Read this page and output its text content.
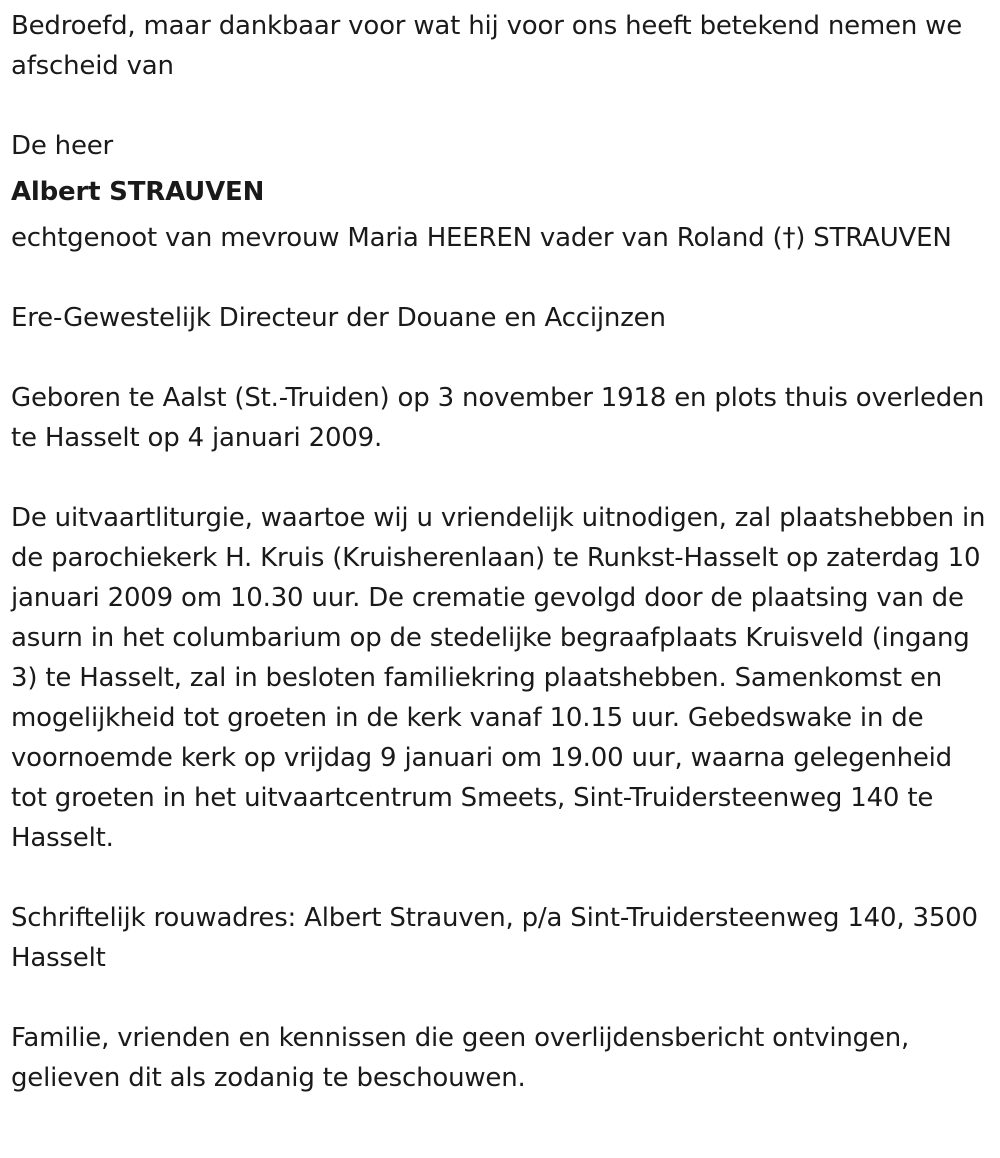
Bedroefd, maar dankbaar voor wat hij voor ons heeft betekend nemen we afscheid van

De heer

Albert STRAUVEN

echtgenoot van mevrouw Maria HEEREN vader van Roland (†) STRAUVEN

Ere-Gewestelijk Directeur der Douane en Accijnzen

Geboren te Aalst (St.-Truiden) op 3 november 1918 en plots thuis overleden te Hasselt op 4 januari 2009.

De uitvaartliturgie, waartoe wij u vriendelijk uitnodigen, zal plaatshebben in de parochiekerk H. Kruis (Kruisherenlaan) te Runkst-Hasselt op zaterdag 10 januari 2009 om 10.30 uur. De crematie gevolgd door de plaatsing van de asurn in het columbarium op de stedelijke begraafplaats Kruisveld (ingang 3) te Hasselt, zal in besloten familiekring plaatshebben. Samenkomst en mogelijkheid tot groeten in de kerk vanaf 10.15 uur. Gebedswake in de voornoemde kerk op vrijdag 9 januari om 19.00 uur, waarna gelegenheid tot groeten in het uitvaartcentrum Smeets, Sint-Truidersteenweg 140 te Hasselt.

Schriftelijk rouwadres: Albert Strauven, p/a Sint-Truidersteenweg 140, 3500 Hasselt

Familie, vrienden en kennissen die geen overlijdensbericht ontvingen, gelieven dit als zodanig te beschouwen.
